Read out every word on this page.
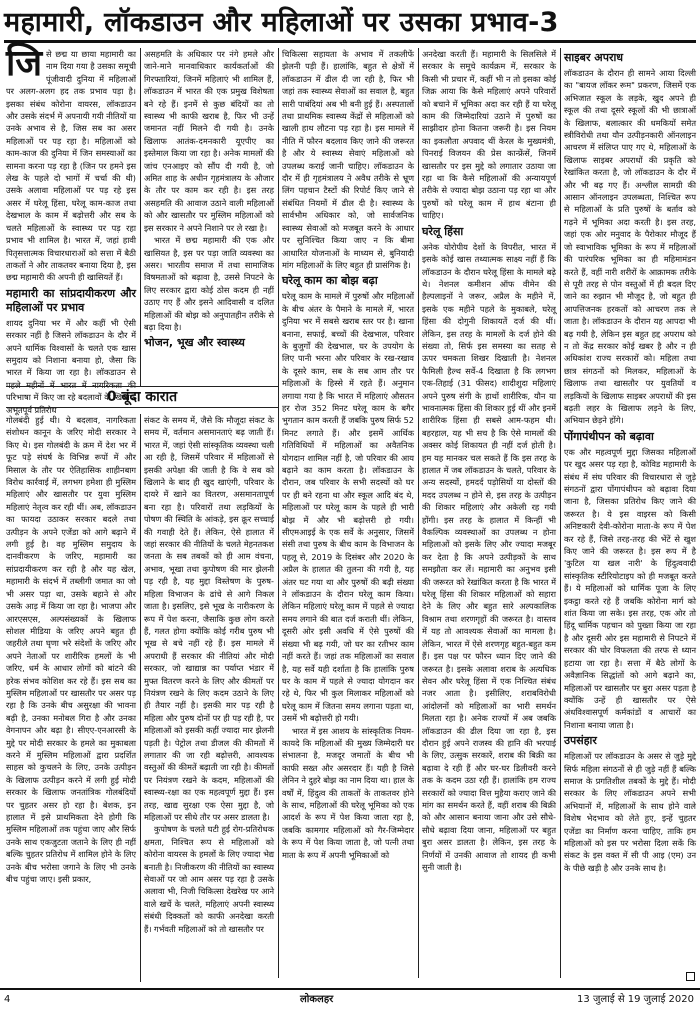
महामारी, लॉकडाउन और महिलाओं पर उसका प्रभाव-3
जि से छद्म या छाया महामारी का नाम दिया गया है उसका समूची पूंजीवादी दुनिया में महिलाओं पर अलग-अलग हद तक प्रभाव पड़ा है। इसका संबंध कोरोना वायरस, लॉकडाउन और उसके संदर्भ में अपनायी गयी नीतियों या उनके अभाव से है, जिस सब का असर महिलाओं पर पड़ रहा है। महिलाओं को काम-काज की दुनिया में जिन समस्याओं का सामना करना पड़ रहा है (जिन पर हमने इस लेख के पहले दो भागों में चर्चा की थी) उसके अलावा महिलाओं पर पड़ रहे इस असर में घरेलू हिंसा, घरेलू काम-काज तथा देखभाल के काम में बढ़ोत्तरी और सब के चलते महिलाओं के स्वास्थ्य पर पड़ रहा प्रभाव भी शामिल है। भारत में, जहां हावी पितृसत्तात्मक विचारधाराओं को सत्ता में बैठी ताकतों ने और ताकतवर बनाया दिया है, इस छद्म महामारी की अपनी ही खासियतें हैं।

महामारी का सांप्रदायीकरण और महिलाओं पर प्रभाव

शायद दुनिया भर में और कहीं भी ऐसी सरकार नहीं है जिसने लॉकडाउन के दौर में अपने धार्मिक विश्वासों के चलते एक खास समुदाय को निशाना बनाया हो, जैसा कि भारत में किया जा रहा है। लॉकडाउन से पहले महीनों में भारत में नागरिकता की परिभाषा में किए जा रहे बदलावों के खिलाफ अभूतपूर्व प्रतिरोध

0 बूंदा कारात

गोलबंदी हुई थी। ये बदलाव, नागरिकता संशोधन कानून के जरिए मोदी सरकार ने किए थे। इस गोलबंदी के क्रम में देश भर में फूट पड़े संघर्ष के विभिन्न रूपों में और मिसाल के तौर पर ऐतिहासिक शाहीनबाग विरोध कार्रवाई में, लगभग हमेशा ही मुस्लिम महिलाएं और खासतौर पर युवा मुस्लिम महिलाएं नेतृत्व कर रही थीं। अब, लॉकडाउन का फायदा उठाकर सरकार बदले तथा उत्पीड़न के अपने एजेंडा को आगे बढ़ाने में लगी हुई है। वह मुस्लिम समुदाय के दानवीकरण के जरिए, महामारी का सांप्रदायीकरण कर रही है और यह खेल, महामारी के संदर्भ में तब्लीगी जमात का जो भी असर पड़ा था, उसके बहाने से और उसके आड़ में किया जा रहा है। भाजपा और आरएसएस, अल्पसंख्यकों के खिलाफ सोशल मीडिया के जरिए अपने बहुत ही जहरीले तथा घृणा भरे संदेशों के जरिए और अपने नेताओं पर शारीरिक हमलों के भी जरिए, धर्म के आधार लोगों को बांटने की हरेक संभव कोशिश कर रहे हैं। इस सब का मुस्लिम महिलाओं पर खासतौर पर असर पड़ रहा है कि उनके बीच असुरक्षा की भावना बढ़ी है, उनका मनोबल गिरा है और उनका वेगनापन और बढ़ा है। सीएए-एनआरसी के मुद्दे पर मोदी सरकार के हमले का मुकाबला करने में मुस्लिम महिलाओं द्वारा प्रदर्शित साहस को कुचलने के लिए, उनके उत्पीड़न के खिलाफ उत्पीड़न करने में लगी हुई मोदी सरकार के खिलाफ जनतांत्रिक गोलबंदियों पर चुहतर असर हो रहा है। बेशक, इन हालात में इसे प्राथमिकता देने होगी कि मुस्लिम महिलाओं तक पहुंचा जाए और सिर्फ उनके साथ एकजुटता जताने के लिए ही नहीं बल्कि चुहतर प्रतिरोध में शामिल होने के लिए उनके बीच भरोसा जगाने के लिए भी उनके बीच पहुंचा जाए। इसी प्रकार,

असहमति के अधिकार पर नंगे हमले और जाने-माने मानवाधिकार कार्यकर्ताओं की गिरफ्तारियां, जिनमें महिलाएं भी शामिल हैं, लॉकडाउन में भारत की एक प्रमुख विशेषता बने रहे हैं। इनमें से कुछ बंदियों का तो स्वास्थ्य भी काफी खराब है, फिर भी उन्हें जमानत नहीं मिलने दी गयी है। उनके खिलाफ आतंक-दमनकारी यूएपीए का इस्तेमाल किया जा रहा है। अनेक मामलों की जांच एनआइए को सौंप दी गयी है, जो अमित शाह के अधीन गृहमंत्रालय के औजार के तौर पर काम कर रही है। इस तरह असहमति की आवाज उठाने वाली महिलाओं को और खासतौर पर मुस्लिम महिलाओं को इस सरकार ने अपने निशाने पर ले रखा है।

भारत में छद्म महामारी की एक और खासियत है, इस पर पड़ा जाति व्यवस्था का असर। भारतीय समाज में तथा सामाजिक विषमताओं को बढ़ावा है, उससे निपटने के लिए सरकार द्वारा कोई ठोस कदम ही नहीं उठाए गए हैं और इसने आदिवासी व दलित महिलाओं की बोझ को अनुपातहीन तरीके से बढ़ा दिया है।

भोजन, भूख और स्वास्थ्य

संकट के समय में, जैसे कि मौजूदा संकट के समय में, वर्तमान असमानताएं बढ़ जाती हैं। भारत में, जहां ऐसी सांस्कृतिक व्यवस्था चली आ रही है, जिसमें परिवार में महिलाओं से इसकी अपेक्षा की जाती है कि वे सब को खिलाने के बाद ही खुद खाएंगी, परिवार के दायरे में खाने का वितरण, असमानतापूर्ण बना रहा है। परिवारों तथा लड़कियों के पोषण की स्थिति के आंकड़े, इस क्रूर सच्चाई की गवाही देते हैं। लेकिन, ऐसे हालात में जहां सरकार की नीतियों के चलते मेहनतकश जनता के सब तबकों को ही आम वंचना, अभाव, भूखा तथा कुपोषण की मार झेलनी पड़ रही है, यह मुद्दा विस्तेषण के पुरुष-महिला विभाजन के ढांचे से आगे निकल जाता है। इसलिए, इसे भूख के नारीकरण के रूप में पेश करना, जैसाकि कुछ लोग करते हैं, गलत होगा क्योंकि कोई गरीब पुरुष भी भूख से बचे नहीं रहे हैं। इस मामले में अपराधी हैं सरकार की नीतियां और मोदी सरकार, जो खाद्यान्न का पर्याप्त भंडार में मुफ्त वितरण करने के लिए और कीमतों पर नियंत्रण रखने के लिए कदम उठाने के लिए ही तैयार नहीं है। इसकी मार पड़ रही है महिला और पुरुष दोनों पर ही पड़ रही है, पर महिलाओं को इसकी कहीं ज्यादा मार झेलनी पड़ती है। पेट्रोल तथा डीजल की कीमतों में लगातार की जा रही बढ़ोत्तरी, आवश्यक वस्तुओं की कीमतें बढ़ाती जा रही है। कीमतों पर नियंत्रण रखने के कदम, महिलाओं की स्वास्थ्य-रक्षा का एक महत्वपूर्ण मुद्दा हैं। इस तरह, खाद्य सुरक्षा एक ऐसा मुद्दा है, जो महिलाओं पर सीधे तौर पर असर डालता है।

कुपोषण के चलते घटी हुई रोग-प्रतिरोधक क्षमता, निश्चित रूप से महिलाओं को कोरोना वायरस के हमलों के लिए ज्यादा भेद्य बनाती है। निजीकरण की नीतियों का स्वास्थ्य सेवाओं पर जो आम असर पड़ रहा है उसके अलावा भी, निजी चिकित्सा देखरेख पर आने वाले खर्चे के चलते, महिलाएं अपनी स्वास्थ्य संबंधी दिक्कतों को काफी अनदेखा करती हैं। गर्भवती महिलाओं को तो खासतौर पर

चिकित्सा सहायता के अभाव में तकलीफें झेलनी पड़ी हैं। हालांकि, बहुत से क्षेत्रों में लॉकडाउन में ढील दी जा रही है, फिर भी जहां तक स्वास्थ्य सेवाओं का सवाल है, बहुत सारी पाबंदियां अब भी बनी हुई हैं। अस्पतालों तथा प्राथमिक स्वास्थ्य केंद्रों से महिलाओं को खाली हाथ लौटना पड़ रहा है। इस मामले में नीति में फौरन बदलाव किए जाने की जरूरत है और ये स्वास्थ्य सेवाएं महिलाओं को उपलब्ध कराई जानी चाहिए। लॉकडाउन के दौर में ही गृहमंत्रालय ने अवैध तरीके से भ्रूण लिंग पहचान टैस्टों की रिपोर्ट किए जाने से संबंधित नियमों में ढील दी है। स्वास्थ्य के सार्वभौम अधिकार को, जो सार्वजनिक स्वास्थ्य सेवाओं को मजबूत करने के आधार पर सुनिश्चित किया जाए न कि बीमा आधारित योजनाओं के माध्यम से, बुनियादी मांग महिलाओं के लिए बहुत ही प्रासंगिक है।

घरेलू काम का बोझ बढ़ा

घरेलू काम के मामले में पुरुषों और महिलाओं के बीच अंतर के पैमाने के मामले में, भारत दुनिया भर में सबसे खराब स्तर पर है। खाना बनाना, सफाई, बच्चों की देखभाल, परिवार के बुजुर्गों की देखभाल, घर के उपयोग के लिए पानी भरना और परिवार के रख-रखाव के दूसरे काम, सब के सब आम तौर पर महिलाओं के हिस्से में रहते हैं। अनुमान लगाया गया है कि भारत में महिलाएं औसतन हर रोज 352 मिनट घरेलू काम के बगैर भुगतान काम करती हैं जबकि पुरुष सिर्फ 52 मिनट लगाते हैं। और इसमें आर्थिक गतिविधियों में महिलाओं का अवैतनिक योगदान शामिल नहीं है, जो परिवार की आय बढ़ाने का काम करता है। लॉकडाउन के दौरान, जब परिवार के सभी सदस्यों को घर पर ही बने रहना था और स्कूल आदि बंद थे, महिलाओं पर घरेलू काम के पहले ही भारी बोझ में और भी बढ़ोत्तरी हो गयी। सीएमआइई के एक सर्वे के अनुसार, जिसमें संसी तथा पुरुष के बीच काम के विभाजन के पहलू से, 2019 के दिसंबर और 2020 के अप्रैल के हालात की तुलना की गयी है, यह अंतर घट गया था और पुरुषों की बढ़ी संख्या ने लॉकडाउन के दौरान घरेलू काम किया। लेकिन महिलाएं घरेलू काम में पहले से ज्यादा समय लगाने की बात दर्ज कराती थीं। लेकिन, दूसरी ओर इसी अवधि में ऐसे पुरुषों की संख्या भी बढ़ गयी, जो घर का रतीभर काम नहीं करते हैं। जहां तक महिलाओं का सवाल है, यह सर्वे यही दर्शाता है कि हालांकि पुरुष घर के काम में पहले से ज्यादा योगदान कर रहे थे, फिर भी कुल मिलाकर महिलाओं को घरेलू काम में जितना समय लगाना पड़ता था, उसमें भी बढ़ोत्तरी हो गयी।

भारत में इस आशय के सांस्कृतिक नियम-कायदे कि महिलाओं की मुख्य जिम्मेदारी घर संभालना है, मजदूर जमातों के बीच भी काफी सख्त और असरदार हैं। यही है जिसे लेनिन ने दुहरे बोझ का नाम दिया था। हाल के वर्षों में, हिंदुत्व की ताकतों के ताकतवर होने के साथ, महिलाओं की घरेलू भूमिका को एक आदर्श के रूप में पेश किया जाता रहा है, जबकि कामगार महिलाओं को गैर-जिम्मेदार के रूप में पेश किया जाता है, जो पत्नी तथा माता के रूप में अपनी भूमिकाओं को

अनदेखा करती हैं। महामारी के सिलसिले में सरकार के समूचे कार्यक्रम में, सरकार के किसी भी प्रचार में, कहीं भी न तो इसका कोई जिक्र आया कि कैसे महिलाएं अपने परिवारों को बचाने में भूमिका अदा कर रही हैं या घरेलू काम की जिम्मेदारियां उठाने में पुरुषों का साझीदार होना कितना जरूरी है। इस नियम का इकलौता अपवाद थीं केरल के मुख्यमंत्री, पिनराई विजयन की प्रेस कान्फ्रेंसें, जिनमें खासतौर पर इस मुद्दे को लगातार उठाया जा रहा था कि कैसे महिलाओं की अन्यायपूर्ण तरीके से ज्यादा बोझ उठाना पड़ रहा था और पुरुषों को घरेलू काम में हाथ बंटाना ही चाहिए।

घरेलू हिंसा

अनेक योरोपीय देशों के विपरीत, भारत में इसके कोई खास तथ्यात्मक साक्ष्य नहीं हैं कि लॉकडाउन के दौरान घरेलू हिंसा के मामले बढ़े थे। नेशनल कमीशन ऑफ वीमेन की हैल्पलाइनों ने जरूर, अप्रैल के महीने में, इसके एक महीने पहले के मुकाबले, घरेलू हिंसा की दोगुनी शिकायतें दर्ज की थीं। लेकिन, इस तरह के मामलों के दर्ज होने की संख्या तो, सिर्फ इस समस्या का सतह से ऊपर चमकता शिखर दिखाती है। नेशनल फैमिली हैल्थ सर्वे-4 दिखाता है कि लगभग एक-तिहाई (31 फीसद) शादीशुदा महिलाएं अपने पुरुष संगी के हाथों शारीरिक, यौन या भावनात्मक हिंसा की शिकार हुई थीं और इनमें शारीरिक हिंसा ही सबसे आम-फहम थी। बहरहाल, यह भी सच है कि ऐसे मामलों की अक्सर कोई शिकायत ही नहीं दर्ज होती है। हम यह मानकर चल सकते हैं कि इस तरह के हालात में जब लॉकडाउन के चलते, परिवार के अन्य सदस्यों, हमदर्द पड़ोसियों या दोस्तों की मदद उपलब्ध न होने से, इस तरह के उत्पीड़न की शिकार महिलाएं और अकेली रह गयी होंगी। इस तरह के हालात में किन्हीं भी वैकल्पिक व्यवस्थाओं का उपलब्ध न होना महिलाओं को इसके लिए और ज्यादा मजबूर कर देता है कि अपने उत्पीड़कों के साथ समझौता कर लें। महामारी का अनुभव इसी की जरूरत को रेखांकित करता है कि भारत में घरेलू हिंसा की शिकार महिलाओं को सहारा देने के लिए और बहुत सारे अल्पकालिक विश्राम तथा शरणगृहों की जरूरत है। वास्तव में यह तो आवश्यक सेवाओं का मामला है। लेकिन, भारत में ऐसे शरणगृह बहुत-बहुत कम हैं। इस पक्ष पर फौरन ध्यान दिए जाने की जरूरत है। इसके अलावा शराब के अत्यधिक सेवन और घरेलू हिंसा में एक निश्चित संबंध नजर आता है। इसीलिए, शराबविरोधी आंदोलनों को महिलाओं का भारी समर्थन मिलता रहा है। अनेक राज्यों में अब जबकि लॉकडाउन की ढील दिया जा रहा है, इस दौरान हुई अपने राजस्व की हानि की भरपाई के लिए, उत्सुक सरकारें, शराब की बिक्री का बढ़ावा दे रही हैं और घर-घर डिलीवरी करने तक के कदम उठा रही हैं। हालांकि हम राज्य सरकारों को ज्यादा वित्त मुहैया कराए जाने की मांग का समर्थन करते हैं, वहीं शराब की बिक्री को और आसान बनाया जाना और उसे सौधे-सौधे बढ़ावा दिया जाना, महिलाओं पर बहुत बुरा असर डालता है। लेकिन, इस तरह के निर्णयों में उनकी आवाज तो शायद ही कभी सुनी जाती है।

साइबर अपराध

लॉकडाउन के दौरान ही सामने आया दिल्ली का "बायज लॉकर रूम" प्रकरण, जिसमें एक अभिजात स्कूल के लड़के, खुद अपने ही स्कूल की तथा दूसरे स्कूलों की भी छात्राओं के खिलाफ, बलात्कार की धमकियों समेत स्त्रीविरोधी तथा यौन उत्पीड़नकारी ऑनलाइन आचरण में संलिप्त पाए गए थे, महिलाओं के खिलाफ साइबर अपराधों की प्रकृति को रेखांकित करता है, जो लॉकडाउन के दौर में और भी बढ़ गए हैं। अश्लील सामग्री की आसान ऑनलाइन उपलब्धता, निश्चित रूप से महिलाओं के प्रति पुरुषों के बर्ताव को गढ़ने में भूमिका अदा करती है। इस तरह, जहां एक ओर मनुवाद के पैरोकार मौजूद हैं जो स्वाभाविक भूमिका के रूप में महिलाओं की पारंपरिक भूमिका का ही महिमामंडन करते हैं, वहीं नारी शरीरों के आक्रामक तरीके से पूरी तरह से पोन वस्तुओं में ही बदल दिए जाने का रुझान भी मौजूद है, जो बहुत ही आपत्तिजनक हरकतों को आचरण तक ले जाता है। लॉकडाउन के दौरान यह आपदा भी बढ़ गयी है, लेकिन इस बहुत हद्द अपराध को न तो केंद्र सरकार कोई खबर है और न ही अधिकांश राज्य सरकारों को। महिला तथा छात्र संगठनों को मिलकर, महिलाओं के खिलाफ तथा खासतौर पर युवतियों व लड़कियों के खिलाफ साइबर अपराधों की इस बढ़ती लहर के खिलाफ लड़ने के लिए, अभियान छेड़ने होंगे।

पोंगापंथीपन को बढ़ावा

एक और महत्वपूर्ण मुद्दा जिसका महिलाओं पर खुद असर पड़ रहा है, कोविड महामारी के संबंध में संघ परिवार की विचारधारा से जुड़े संगठनों द्वारा पोंगापंथीपन को बढ़ावा दिया जाना है, जिसका प्रतिरोध किए जाने की जरूरत है। ये इस वाइरस को किसी अनिष्टकारी देवी-कोरोना माता-के रूप में पेश कर रहे हैं, जिसे तरह-तरह की भेंटें से खुश किए जाने की जरूरत है। इस रूप में है 'कुटिल या खल नारी' के हिंदुत्ववादी सांस्कृतिक स्टीरियोटाइप को ही मजबूत करते हैं। ये महिलाओं को धार्मिक पूजा के लिए इकट्ठा करते रहे हैं जबकि कोरोना मार्ग को शांत किया जा सके। इस तरह, एक ओर तो हिंदू धार्मिक पहचान को पुख्ता किया जा रहा है और दूसरी ओर इस महामारी से निपटने में सरकार की घोर विफलता की तरफ से ध्यान हटाया जा रहा है। सत्ता में बैठे लोगों के अवैज्ञानिक सिद्धांतों को आगे बढ़ाने का, महिलाओं पर खासतौर पर बुरा असर पड़ता है क्योंकि उन्हें ही खासतौर पर ऐसे अंधविश्वासपूर्ण कर्मकांडों व आचारों का निशाना बनाया जाता है।

उपसंहार

महिलाओं पर लॉकडाउन के असर से जुड़े मुद्दे सिर्फ महिला संगठनों से ही जुड़े नहीं हैं बल्कि समाज के प्रगतिशील तबकों के मुद्दे हैं। मोदी सरकार के लिए लॉकडाउन अपने सभी अभियानों में, महिलाओं के साथ होने वाले विशेष भेदभाव को लेते हुए, इन्हें चुहतर एजेंडा का निर्माण करना चाहिए, ताकि हम महिलाओं को इस पर भरोसा दिला सकें कि संकट के इस वक्त में सी पी आइ (एम) उन के पीछे खड़ी है और उनके साथ है।

4	लोकलहर	13 जुलाई से 19 जुलाई 2020
